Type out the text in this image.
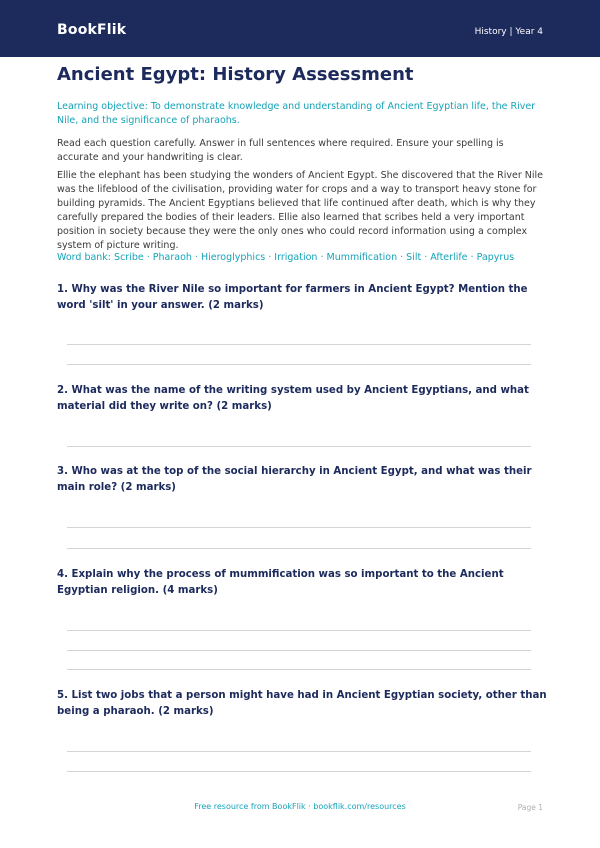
BookFlik	History | Year 4
Ancient Egypt: History Assessment
Learning objective: To demonstrate knowledge and understanding of Ancient Egyptian life, the River Nile, and the significance of pharaohs.
Read each question carefully. Answer in full sentences where required. Ensure your spelling is accurate and your handwriting is clear.
Ellie the elephant has been studying the wonders of Ancient Egypt. She discovered that the River Nile was the lifeblood of the civilisation, providing water for crops and a way to transport heavy stone for building pyramids. The Ancient Egyptians believed that life continued after death, which is why they carefully prepared the bodies of their leaders. Ellie also learned that scribes held a very important position in society because they were the only ones who could record information using a complex system of picture writing.
Word bank: Scribe · Pharaoh · Hieroglyphics · Irrigation · Mummification · Silt · Afterlife · Papyrus
1. Why was the River Nile so important for farmers in Ancient Egypt? Mention the word 'silt' in your answer. (2 marks)
2. What was the name of the writing system used by Ancient Egyptians, and what material did they write on? (2 marks)
3. Who was at the top of the social hierarchy in Ancient Egypt, and what was their main role? (2 marks)
4. Explain why the process of mummification was so important to the Ancient Egyptian religion. (4 marks)
5. List two jobs that a person might have had in Ancient Egyptian society, other than being a pharaoh. (2 marks)
Free resource from BookFlik · bookflik.com/resources	Page 1
